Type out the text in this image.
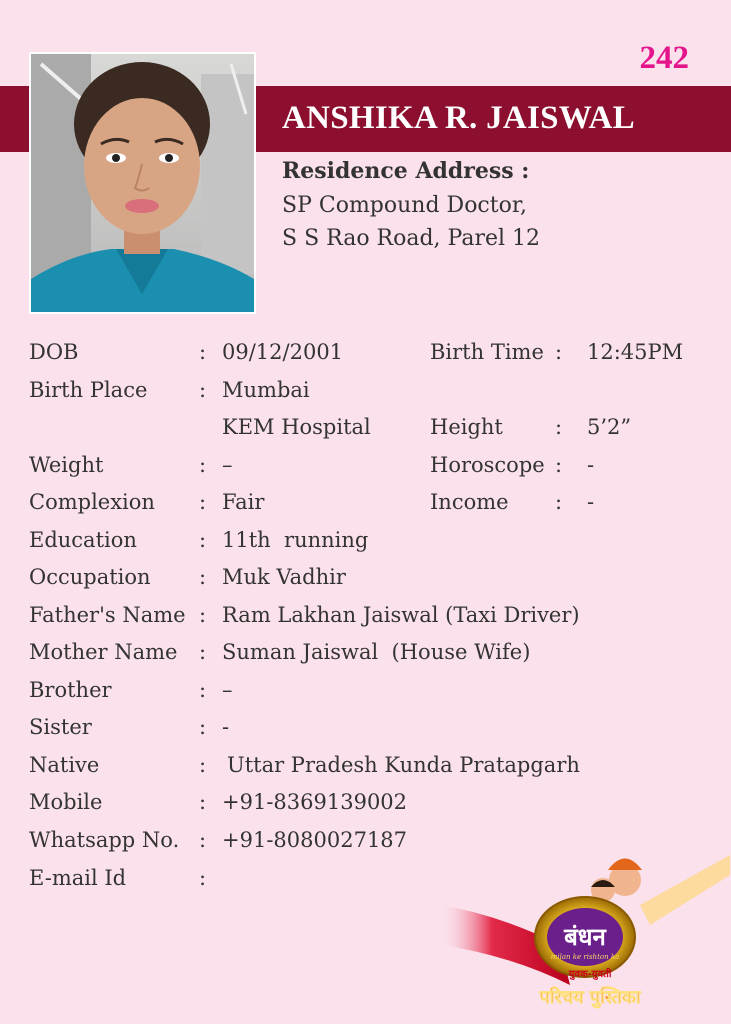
242
ANSHIKA R. JAISWAL
Residence Address :
SP Compound Doctor,
S S Rao Road, Parel 12
DOB	: 09/12/2001	Birth Time : 12:45PM
Birth Place : Mumbai
KEM Hospital	Height : 5’2”
Weight	: –	Horoscope : -
Complexion : Fair	Income : -
Education	: 11th  running
Occupation : Muk Vadhir
Father's Name : Ram Lakhan Jaiswal (Taxi Driver)
Mother Name : Suman Jaiswal  (House Wife)
Brother	: –
Sister	: -
Native	: Uttar Pradesh Kunda Pratapgarh
Mobile	: +91-8369139002
Whatsapp No. : +91-8080027187
E-mail Id	:
बंधन
milan ke rishton ka
युवक-युवती
परिचय पुस्तिका
